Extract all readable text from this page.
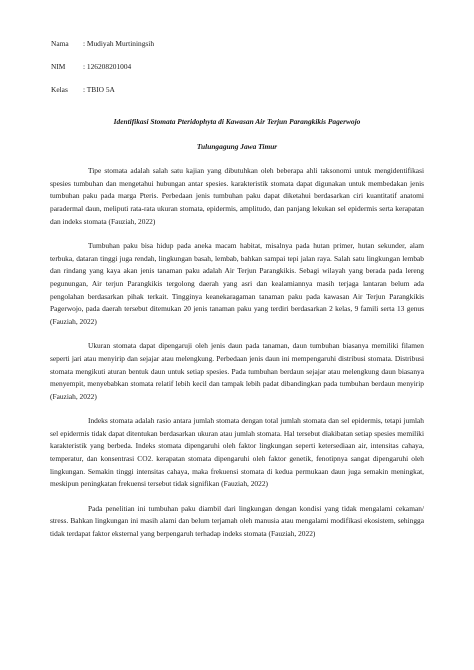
Nama	: Mudiyah Murtiningsih
NIM	: 126208201004
Kelas	: TBIO 5A

Identifikasi Stomata Pteridophyta di Kawasan Air Terjun Parangkikis Pagerwojo

Tulungagung Jawa Timur

Tipe stomata adalah salah satu kajian yang dibutuhkan oleh beberapa ahli taksonomi untuk mengidentifikasi spesies tumbuhan dan mengetahui hubungan antar spesies. karakteristik stomata dapat digunakan untuk membedakan jenis tumbuhan paku pada marga Pteris. Perbedaan jenis tumbuhan paku dapat diketahui berdasarkan ciri kuantitatif anatomi paradermal daun, meliputi rata-rata ukuran stomata, epidermis, amplitudo, dan panjang lekukan sel epidermis serta kerapatan dan indeks stomata (Fauziah, 2022)

Tumbuhan paku bisa hidup pada aneka macam habitat, misalnya pada hutan primer, hutan sekunder, alam terbuka, dataran tinggi juga rendah, lingkungan basah, lembab, bahkan sampai tepi jalan raya. Salah satu lingkungan lembab dan rindang yang kaya akan jenis tanaman paku adalah Air Terjun Parangkikis. Sebagi wilayah yang berada pada lereng pegunungan, Air terjun Parangkikis tergolong daerah yang asri dan kealamiannya masih terjaga lantaran belum ada pengolahan berdasarkan pihak terkait. Tingginya keanekaragaman tanaman paku pada kawasan Air Terjun Parangkikis Pagerwojo, pada daerah tersebut ditemukan 20 jenis tanaman paku yang terdiri berdasarkan 2 kelas, 9 famili serta 13 genus (Fauziah, 2022)

Ukuran stomata dapat dipengaruji oleh jenis daun pada tanaman, daun tumbuhan biasanya memiliki filamen seperti jari atau menyirip dan sejajar atau melengkung. Perbedaan jenis daun ini mempengaruhi distribusi stomata. Distribusi stomata mengikuti aturan bentuk daun untuk setiap spesies. Pada tumbuhan berdaun sejajar atau melengkung daun biasanya menyempit, menyebabkan stomata relatif lebih kecil dan tampak lebih padat dibandingkan pada tumbuhan berdaun menyirip (Fauziah, 2022)

Indeks stomata adalah rasio antara jumlah stomata dengan total jumlah stomata dan sel epidermis, tetapi jumlah sel epidermis tidak dapat ditentukan berdasarkan ukuran atau jumlah stomata. Hal tersebut diakibatan setiap spesies memiliki karakteristik yang berbeda. Indeks stomata dipengaruhi oleh faktor lingkungan seperti ketersediaan air, intensitas cahaya, temperatur, dan konsentrasi CO2. kerapatan stomata dipengaruhi oleh faktor genetik, fenotipnya sangat dipengaruhi oleh lingkungan. Semakin tinggi intensitas cahaya, maka frekuensi stomata di kedua permukaan daun juga semakin meningkat, meskipun peningkatan frekuensi tersebut tidak signifikan (Fauziah, 2022)

Pada penelitian ini tumbuhan paku diambil dari lingkungan dengan kondisi yang tidak mengalami cekaman/ stress. Bahkan lingkungan ini masih alami dan belum terjamah oleh manusia atau mengalami modifikasi ekosistem, sehingga tidak terdapat faktor eksternal yang berpengaruh terhadap indeks stomata (Fauziah, 2022)
